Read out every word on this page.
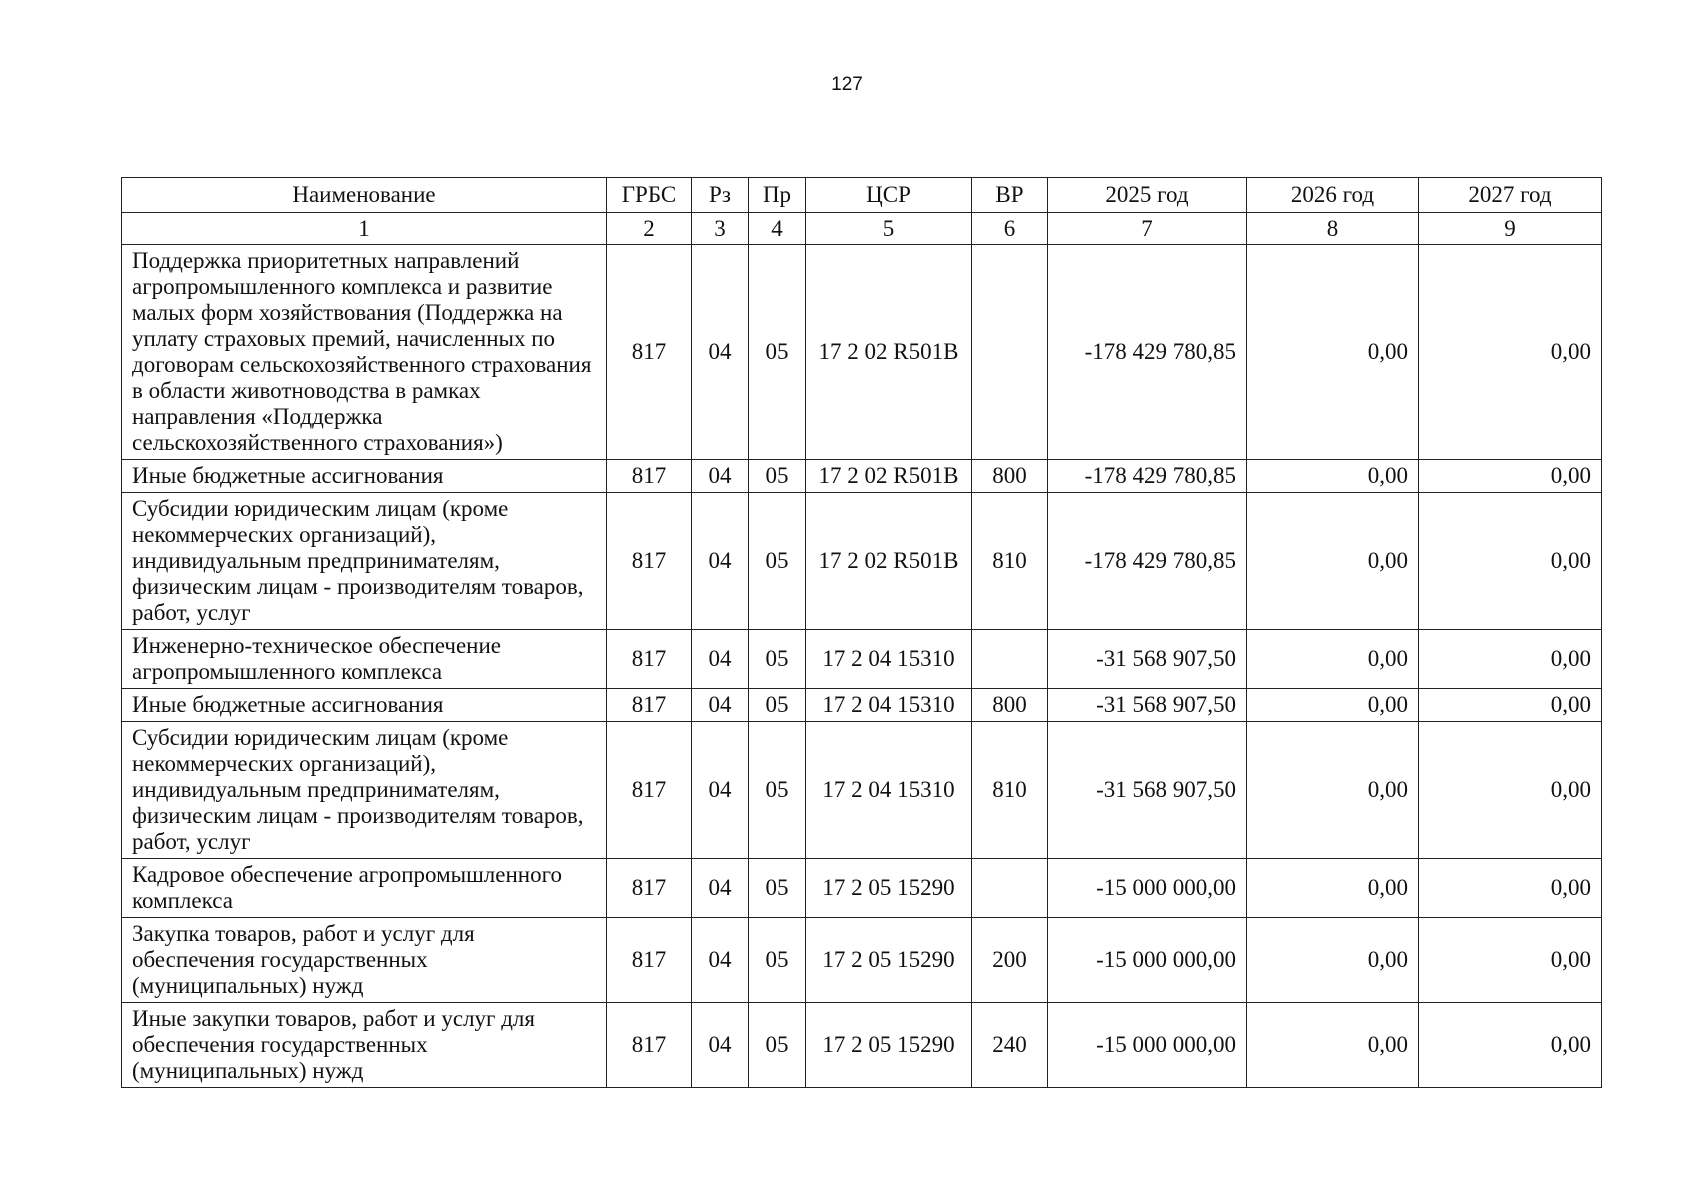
127
Наименование	ГРБС	Рз	Пр	ЦСР	ВР	2025 год	2026 год	2027 год
1	2	3	4	5	6	7	8	9
Поддержка приоритетных направлений агропромышленного комплекса и развитие малых форм хозяйствования (Поддержка на уплату страховых премий, начисленных по договорам сельскохозяйственного страхования в области животноводства в рамках направления «Поддержка сельскохозяйственного страхования»)	817	04	05	17 2 02 R501B		-178 429 780,85	0,00	0,00
Иные бюджетные ассигнования	817	04	05	17 2 02 R501B	800	-178 429 780,85	0,00	0,00
Субсидии юридическим лицам (кроме некоммерческих организаций), индивидуальным предпринимателям, физическим лицам - производителям товаров, работ, услуг	817	04	05	17 2 02 R501B	810	-178 429 780,85	0,00	0,00
Инженерно-техническое обеспечение агропромышленного комплекса	817	04	05	17 2 04 15310		-31 568 907,50	0,00	0,00
Иные бюджетные ассигнования	817	04	05	17 2 04 15310	800	-31 568 907,50	0,00	0,00
Субсидии юридическим лицам (кроме некоммерческих организаций), индивидуальным предпринимателям, физическим лицам - производителям товаров, работ, услуг	817	04	05	17 2 04 15310	810	-31 568 907,50	0,00	0,00
Кадровое обеспечение агропромышленного комплекса	817	04	05	17 2 05 15290		-15 000 000,00	0,00	0,00
Закупка товаров, работ и услуг для обеспечения государственных (муниципальных) нужд	817	04	05	17 2 05 15290	200	-15 000 000,00	0,00	0,00
Иные закупки товаров, работ и услуг для обеспечения государственных (муниципальных) нужд	817	04	05	17 2 05 15290	240	-15 000 000,00	0,00	0,00
